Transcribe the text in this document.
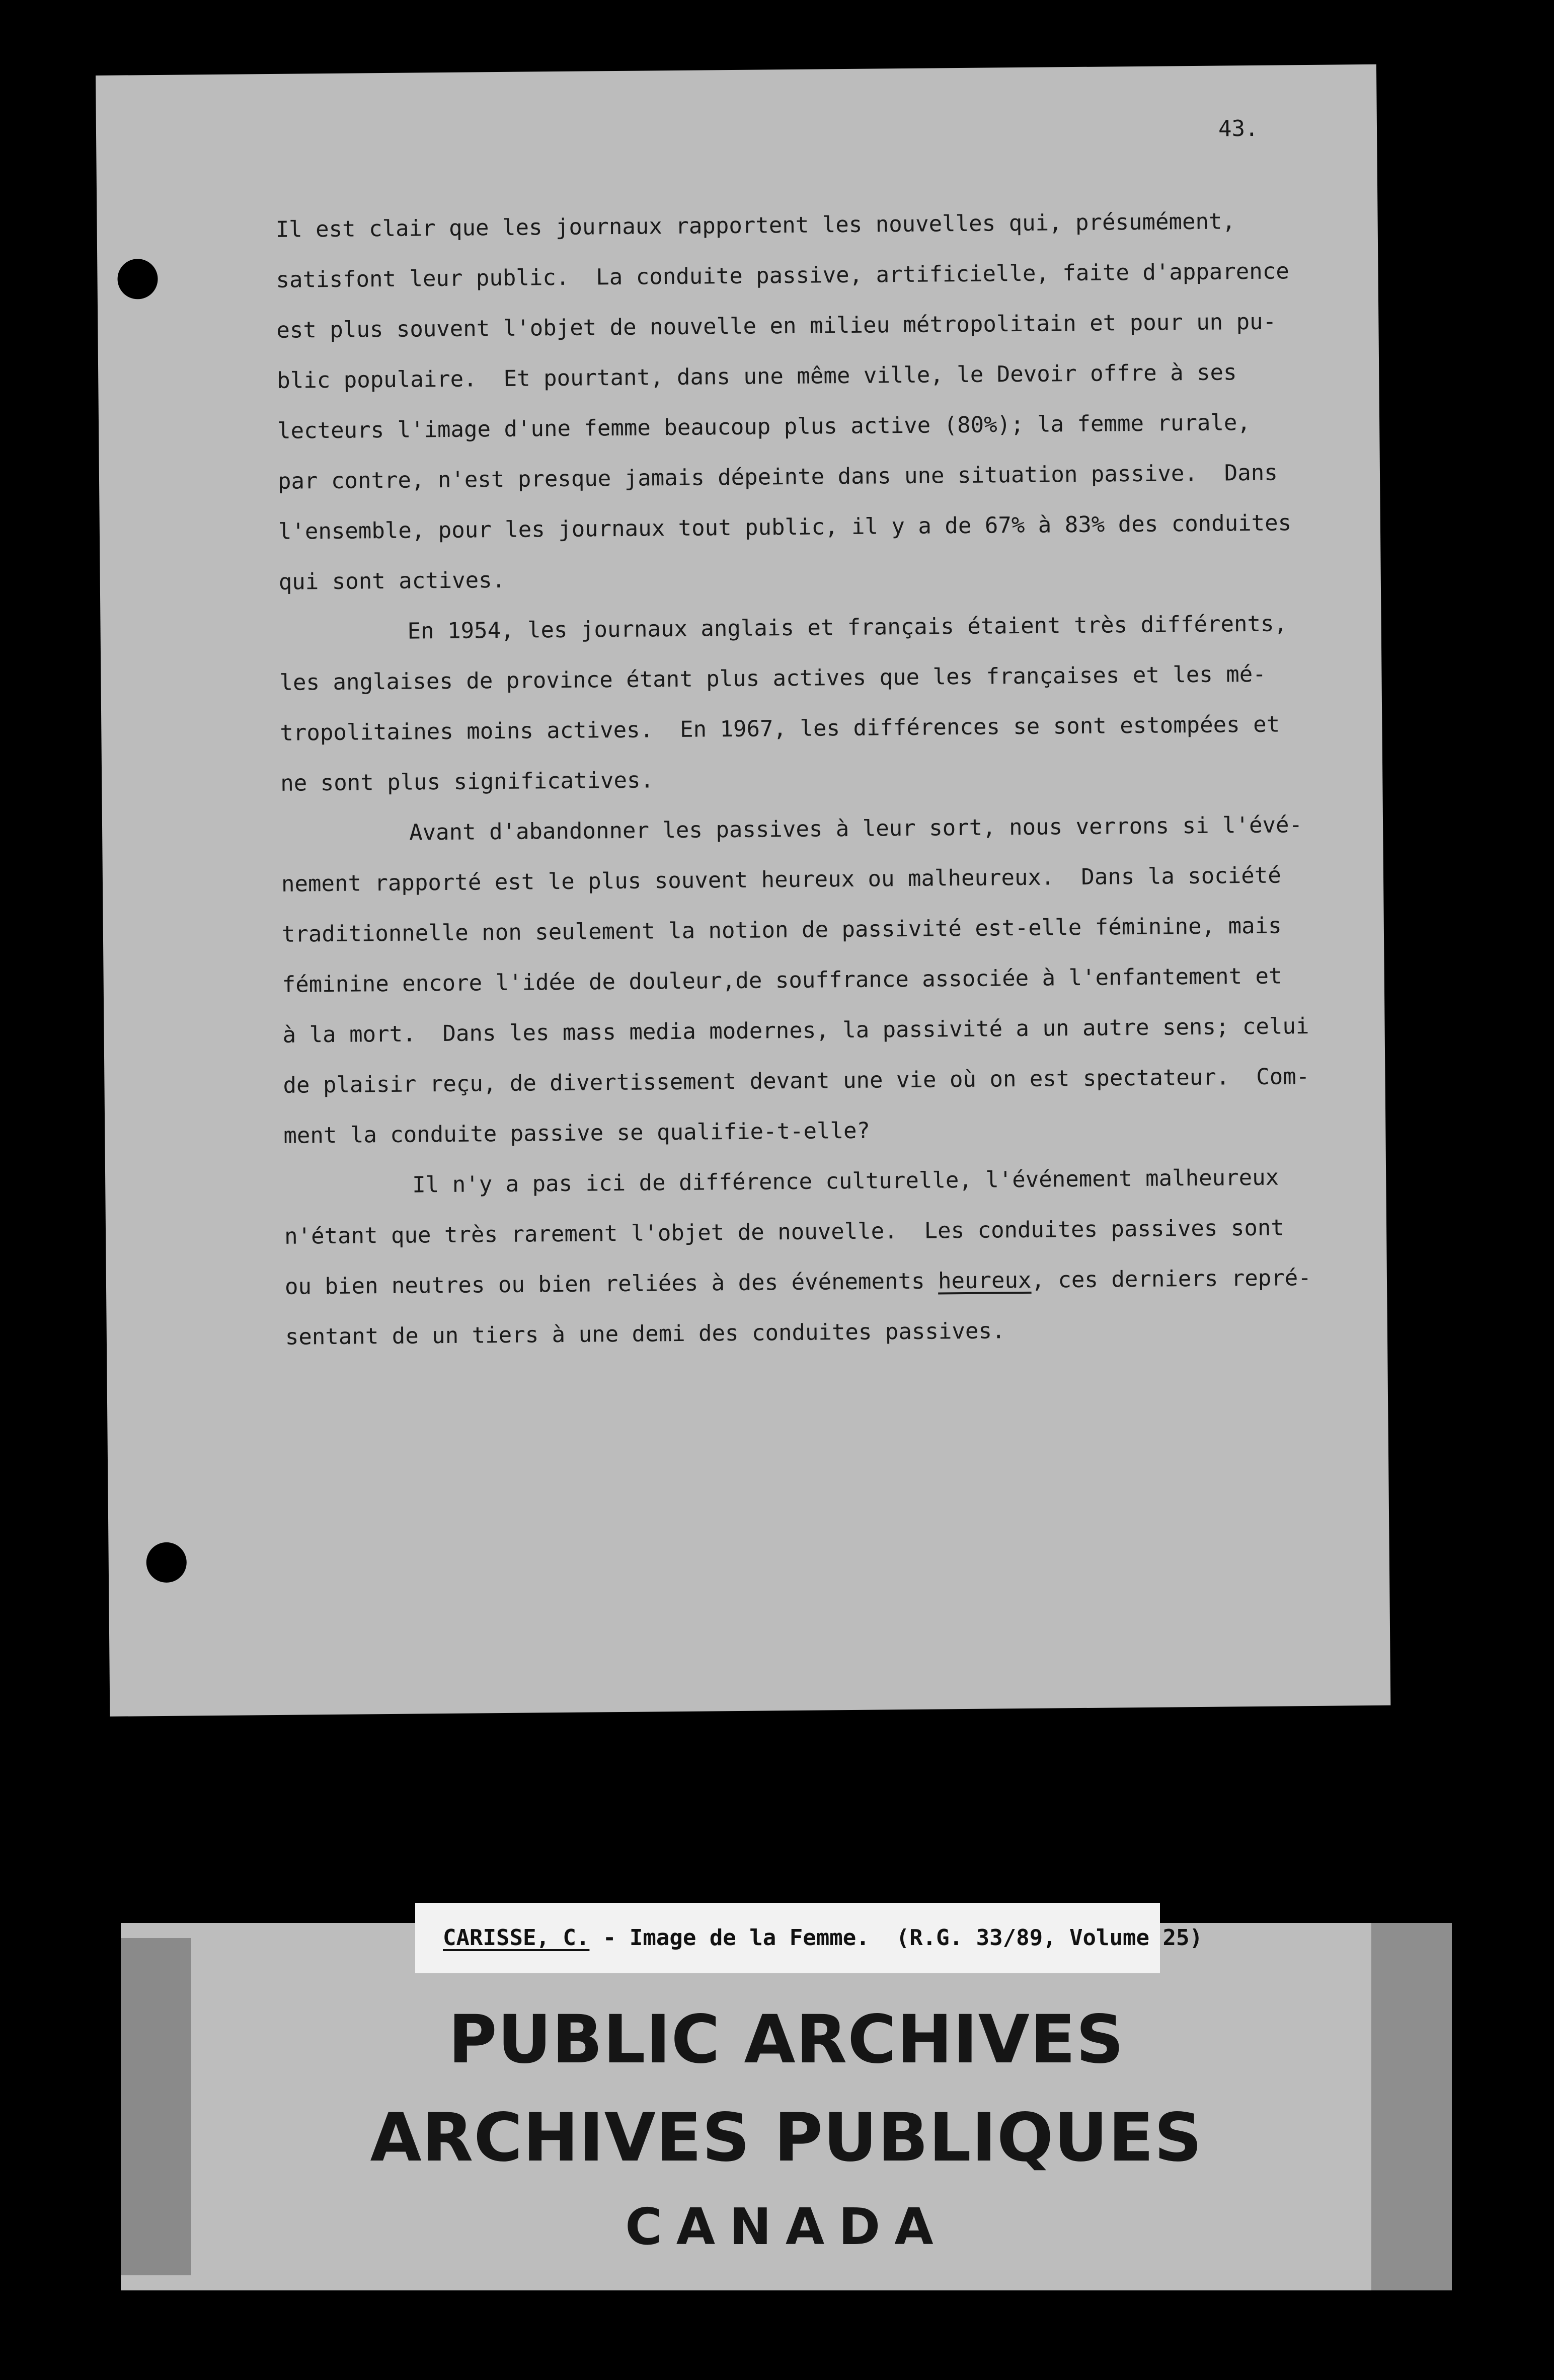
43.
Il est clair que les journaux rapportent les nouvelles qui, présumément,
satisfont leur public.  La conduite passive, artificielle, faite d'apparence
est plus souvent l'objet de nouvelle en milieu métropolitain et pour un pu-
blic populaire.  Et pourtant, dans une même ville, le Devoir offre à ses
lecteurs l'image d'une femme beaucoup plus active (80%); la femme rurale,
par contre, n'est presque jamais dépeinte dans une situation passive.  Dans
l'ensemble, pour les journaux tout public, il y a de 67% à 83% des conduites
qui sont actives.
En 1954, les journaux anglais et français étaient très différents,
les anglaises de province étant plus actives que les françaises et les mé-
tropolitaines moins actives.  En 1967, les différences se sont estompées et
ne sont plus significatives.
Avant d'abandonner les passives à leur sort, nous verrons si l'évé-
nement rapporté est le plus souvent heureux ou malheureux.  Dans la société
traditionnelle non seulement la notion de passivité est-elle féminine, mais
féminine encore l'idée de douleur,de souffrance associée à l'enfantement et
à la mort.  Dans les mass media modernes, la passivité a un autre sens; celui
de plaisir reçu, de divertissement devant une vie où on est spectateur.  Com-
ment la conduite passive se qualifie-t-elle?
Il n'y a pas ici de différence culturelle, l'événement malheureux
n'étant que très rarement l'objet de nouvelle.  Les conduites passives sont
ou bien neutres ou bien reliées à des événements heureux, ces derniers repré-
sentant de un tiers à une demi des conduites passives.
CARISSE, C. - Image de la Femme.  (R.G. 33/89, Volume 25)
PUBLIC ARCHIVES
ARCHIVES PUBLIQUES
CANADA
